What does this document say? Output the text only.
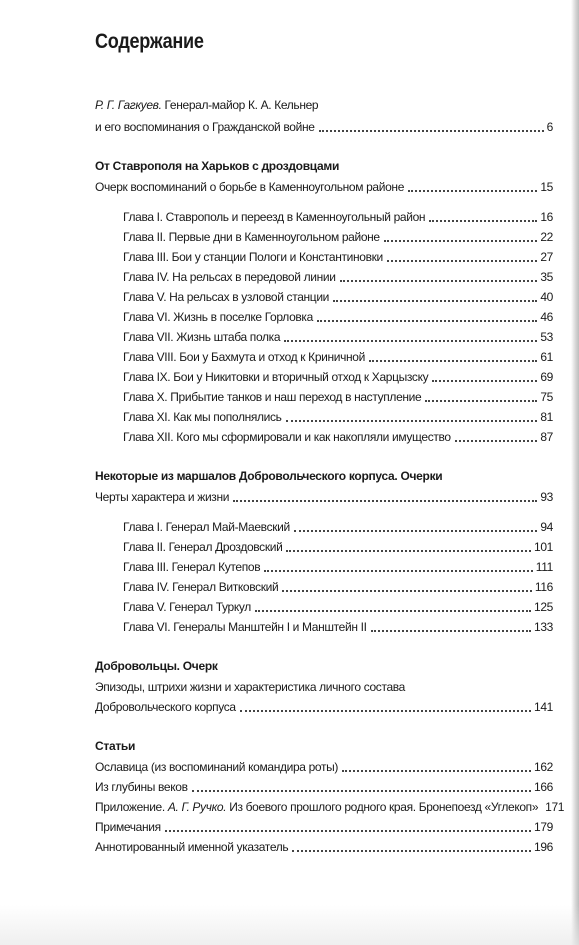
Содержание
Р. Г. Гагкуев. Генерал-майор К. А. Кельнер
и его воспоминания о Гражданской войне	6
От Ставрополя на Харьков с дроздовцами
Очерк воспоминаний о борьбе в Каменноугольном районе	15
Глава I. Ставрополь и переезд в Каменноугольный район	16
Глава II. Первые дни в Каменноугольном районе	22
Глава III. Бои у станции Пологи и Константиновки	27
Глава IV. На рельсах в передовой линии	35
Глава V. На рельсах в узловой станции	40
Глава VI. Жизнь в поселке Горловка	46
Глава VII. Жизнь штаба полка	53
Глава VIII. Бои у Бахмута и отход к Криничной	61
Глава IX. Бои у Никитовки и вторичный отход к Харцызску	69
Глава X. Прибытие танков и наш переход в наступление	75
Глава XI. Как мы пополнялись	81
Глава XII. Кого мы сформировали и как накопляли имущество	87
Некоторые из маршалов Добровольческого корпуса. Очерки
Черты характера и жизни	93
Глава I. Генерал Май-Маевский	94
Глава II. Генерал Дроздовский	101
Глава III. Генерал Кутепов	111
Глава IV. Генерал Витковский	116
Глава V. Генерал Туркул	125
Глава VI. Генералы Манштейн I и Манштейн II	133
Добровольцы. Очерк
Эпизоды, штрихи жизни и характеристика личного состава
Добровольческого корпуса	141
Статьи
Ославица (из воспоминаний командира роты)	162
Из глубины веков	166
Приложение. А. Г. Ручко. Из боевого прошлого родного края. Бронепоезд «Углекоп» 171
Примечания	179
Аннотированный именной указатель	196
